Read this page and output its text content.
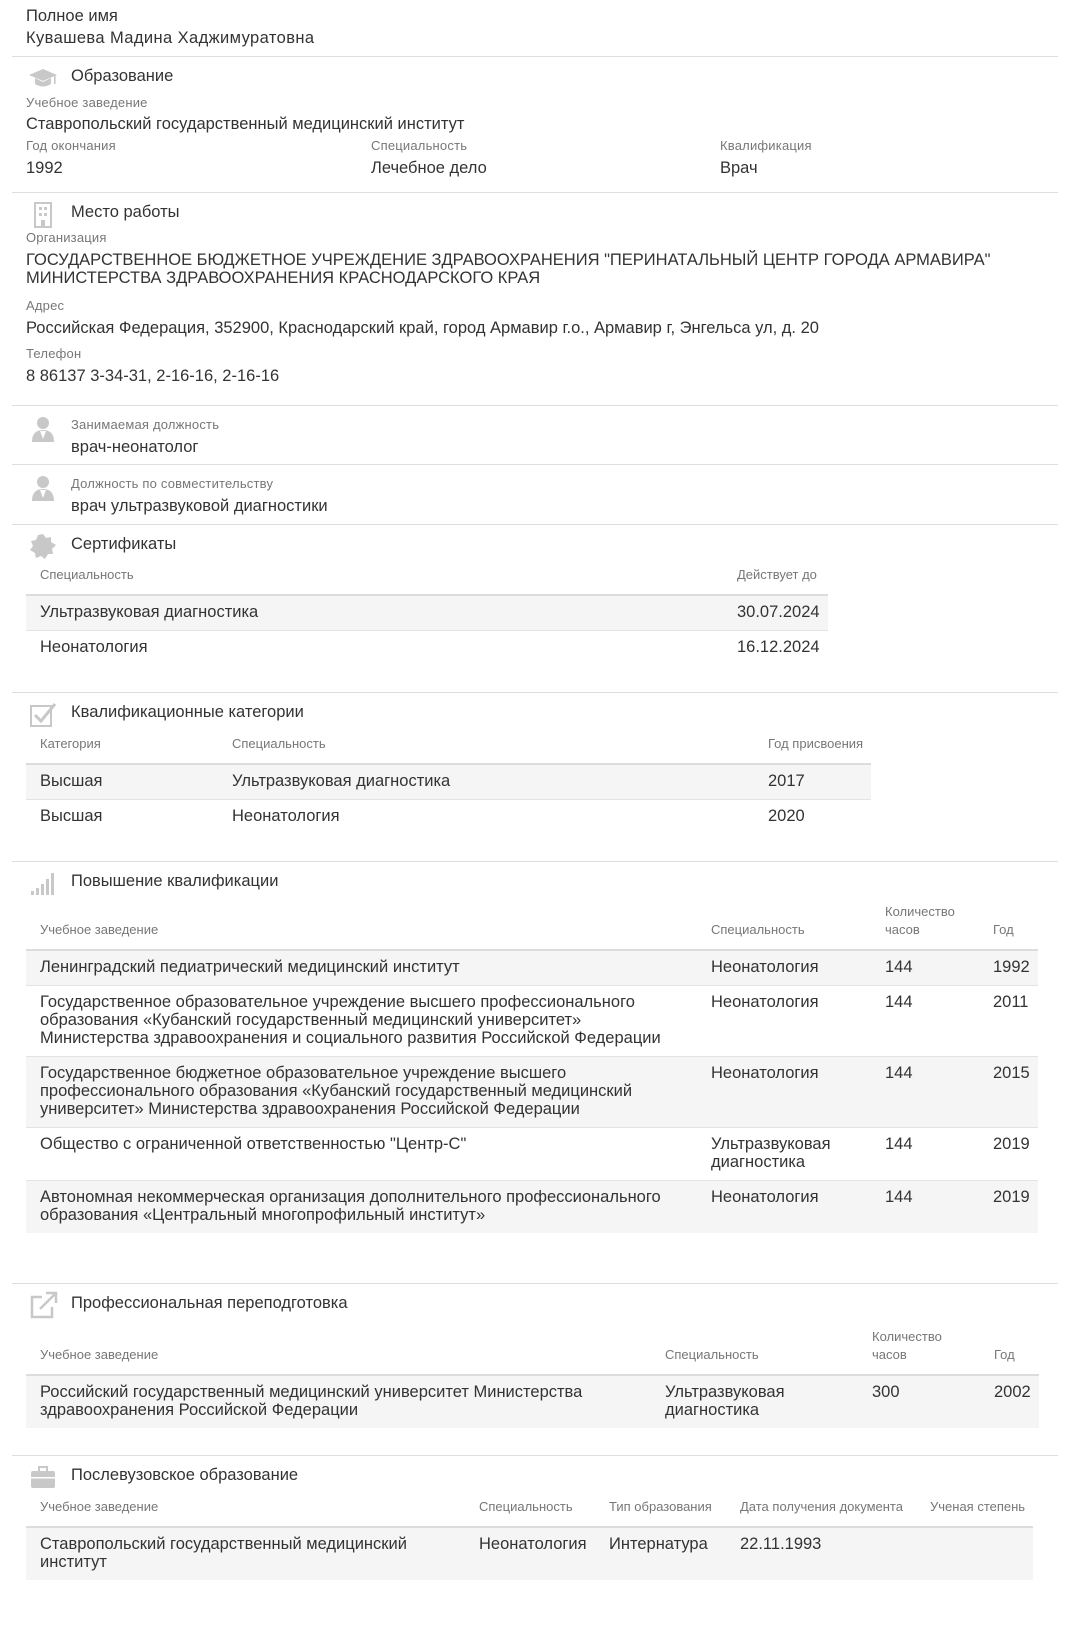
Полное имя
Кувашева Мадина Хаджимуратовна
Образование
Учебное заведение
Ставропольский государственный медицинский институт
Год окончания
1992
Специальность
Лечебное дело
Квалификация
Врач
Место работы
Организация
ГОСУДАРСТВЕННОЕ БЮДЖЕТНОЕ УЧРЕЖДЕНИЕ ЗДРАВООХРАНЕНИЯ "ПЕРИНАТАЛЬНЫЙ ЦЕНТР ГОРОДА АРМАВИРА"
МИНИСТЕРСТВА ЗДРАВООХРАНЕНИЯ КРАСНОДАРСКОГО КРАЯ
Адрес
Российская Федерация, 352900, Краснодарский край, город Армавир г.о., Армавир г, Энгельса ул, д. 20
Телефон
8 86137 3-34-31, 2-16-16, 2-16-16
Занимаемая должность
врач-неонатолог
Должность по совместительству
врач ультразвуковой диагностики
Сертификаты
Специальность	Действует до
Ультразвуковая диагностика	30.07.2024
Неонатология	16.12.2024
Квалификационные категории
Категория	Специальность	Год присвоения
Высшая	Ультразвуковая диагностика	2017
Высшая	Неонатология	2020
Повышение квалификации
Учебное заведение	Специальность	Количество часов	Год
Ленинградский педиатрический медицинский институт	Неонатология	144	1992
Государственное образовательное учреждение высшего профессионального образования «Кубанский государственный медицинский университет» Министерства здравоохранения и социального развития Российской Федерации	Неонатология	144	2011
Государственное бюджетное образовательное учреждение высшего профессионального образования «Кубанский государственный медицинский университет» Министерства здравоохранения Российской Федерации	Неонатология	144	2015
Общество с ограниченной ответственностью "Центр-С"	Ультразвуковая диагностика	144	2019
Автономная некоммерческая организация дополнительного профессионального образования «Центральный многопрофильный институт»	Неонатология	144	2019
Профессиональная переподготовка
Учебное заведение	Специальность	Количество часов	Год
Российский государственный медицинский университет Министерства здравоохранения Российской Федерации	Ультразвуковая диагностика	300	2002
Послевузовское образование
Учебное заведение	Специальность	Тип образования	Дата получения документа	Ученая степень
Ставропольский государственный медицинский институт	Неонатология	Интернатура	22.11.1993	
